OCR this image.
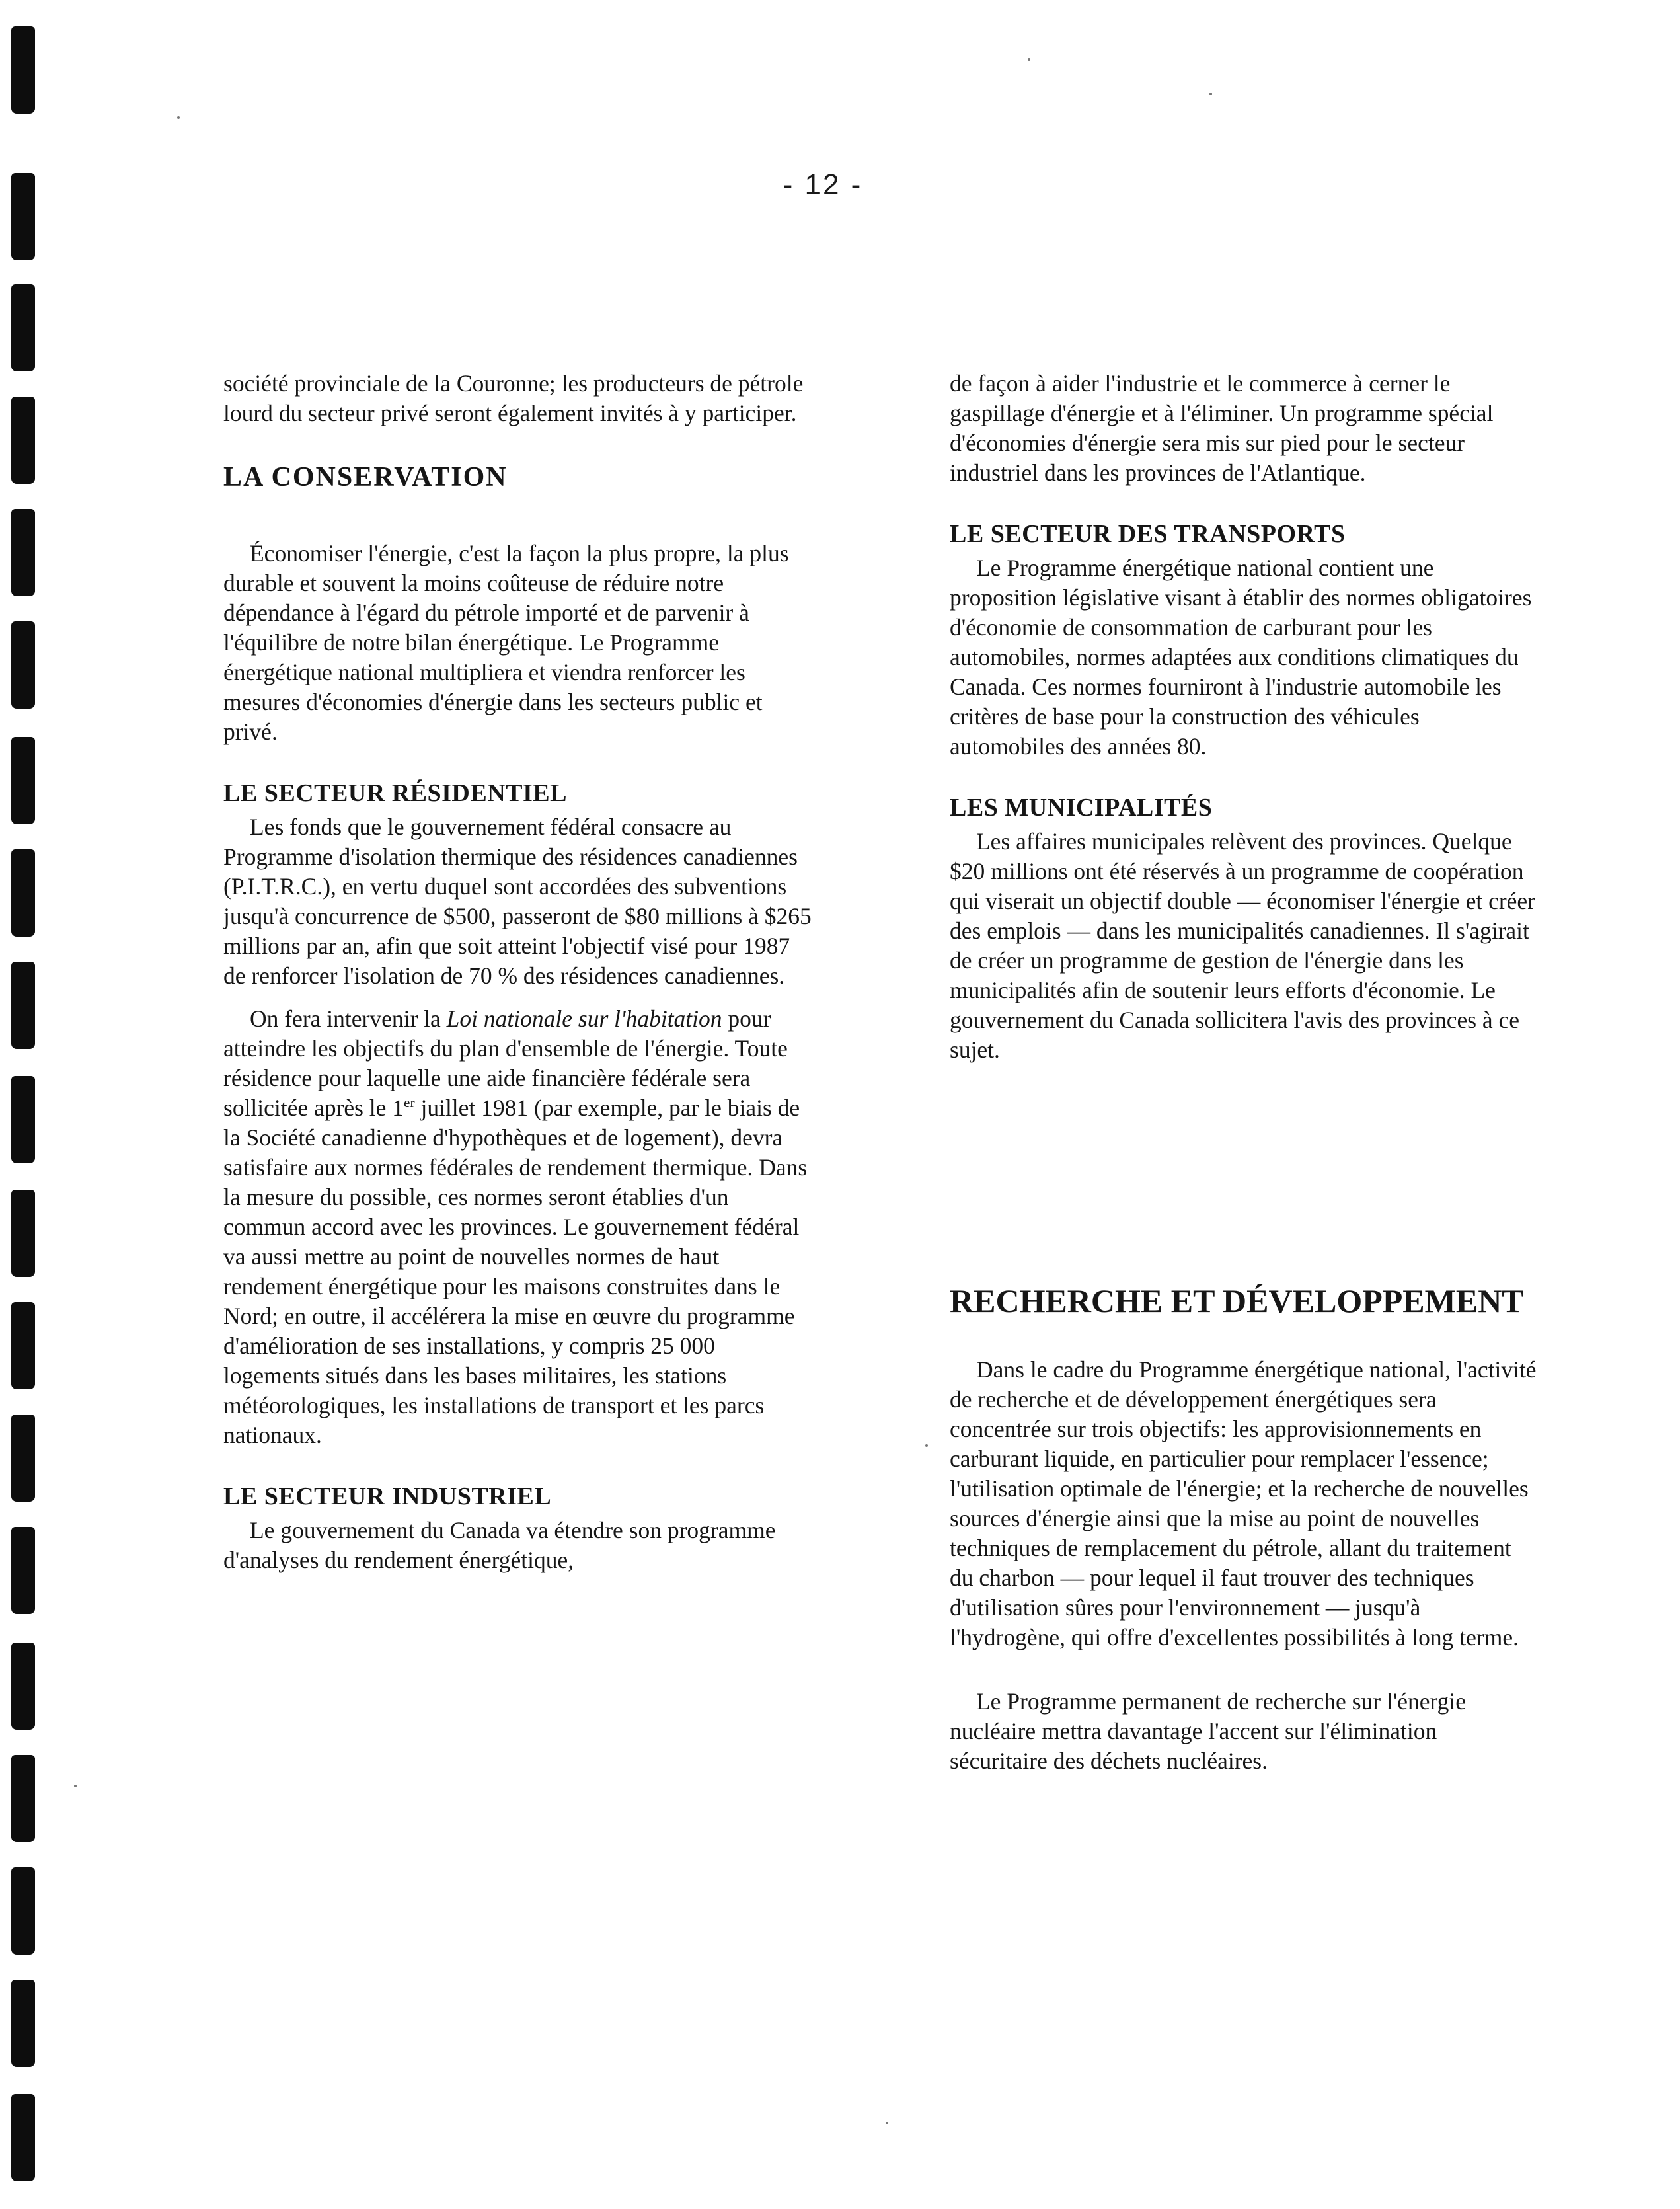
- 12 -

société provinciale de la Couronne; les producteurs de pétrole lourd du secteur privé seront également invités à y participer.

LA CONSERVATION

Économiser l'énergie, c'est la façon la plus propre, la plus durable et souvent la moins coûteuse de réduire notre dépendance à l'égard du pétrole importé et de parvenir à l'équilibre de notre bilan énergétique. Le Programme énergétique national multipliera et viendra renforcer les mesures d'économies d'énergie dans les secteurs public et privé.

LE SECTEUR RÉSIDENTIEL

Les fonds que le gouvernement fédéral consacre au Programme d'isolation thermique des résidences canadiennes (P.I.T.R.C.), en vertu duquel sont accordées des subventions jusqu'à concurrence de $500, passeront de $80 millions à $265 millions par an, afin que soit atteint l'objectif visé pour 1987 de renforcer l'isolation de 70 % des résidences canadiennes.

On fera intervenir la Loi nationale sur l'habitation pour atteindre les objectifs du plan d'ensemble de l'énergie. Toute résidence pour laquelle une aide financière fédérale sera sollicitée après le 1er juillet 1981 (par exemple, par le biais de la Société canadienne d'hypothèques et de logement), devra satisfaire aux normes fédérales de rendement thermique. Dans la mesure du possible, ces normes seront établies d'un commun accord avec les provinces. Le gouvernement fédéral va aussi mettre au point de nouvelles normes de haut rendement énergétique pour les maisons construites dans le Nord; en outre, il accélérera la mise en œuvre du programme d'amélioration de ses installations, y compris 25 000 logements situés dans les bases militaires, les stations météorologiques, les installations de transport et les parcs nationaux.

LE SECTEUR INDUSTRIEL

Le gouvernement du Canada va étendre son programme d'analyses du rendement énergétique,

de façon à aider l'industrie et le commerce à cerner le gaspillage d'énergie et à l'éliminer. Un programme spécial d'économies d'énergie sera mis sur pied pour le secteur industriel dans les provinces de l'Atlantique.

LE SECTEUR DES TRANSPORTS

Le Programme énergétique national contient une proposition législative visant à établir des normes obligatoires d'économie de consommation de carburant pour les automobiles, normes adaptées aux conditions climatiques du Canada. Ces normes fourniront à l'industrie automobile les critères de base pour la construction des véhicules automobiles des années 80.

LES MUNICIPALITÉS

Les affaires municipales relèvent des provinces. Quelque $20 millions ont été réservés à un programme de coopération qui viserait un objectif double — économiser l'énergie et créer des emplois — dans les municipalités canadiennes. Il s'agirait de créer un programme de gestion de l'énergie dans les municipalités afin de soutenir leurs efforts d'économie. Le gouvernement du Canada sollicitera l'avis des provinces à ce sujet.

RECHERCHE ET DÉVELOPPEMENT

Dans le cadre du Programme énergétique national, l'activité de recherche et de développement énergétiques sera concentrée sur trois objectifs: les approvisionnements en carburant liquide, en particulier pour remplacer l'essence; l'utilisation optimale de l'énergie; et la recherche de nouvelles sources d'énergie ainsi que la mise au point de nouvelles techniques de remplacement du pétrole, allant du traitement du charbon — pour lequel il faut trouver des techniques d'utilisation sûres pour l'environnement — jusqu'à l'hydrogène, qui offre d'excellentes possibilités à long terme.

Le Programme permanent de recherche sur l'énergie nucléaire mettra davantage l'accent sur l'élimination sécuritaire des déchets nucléaires.
